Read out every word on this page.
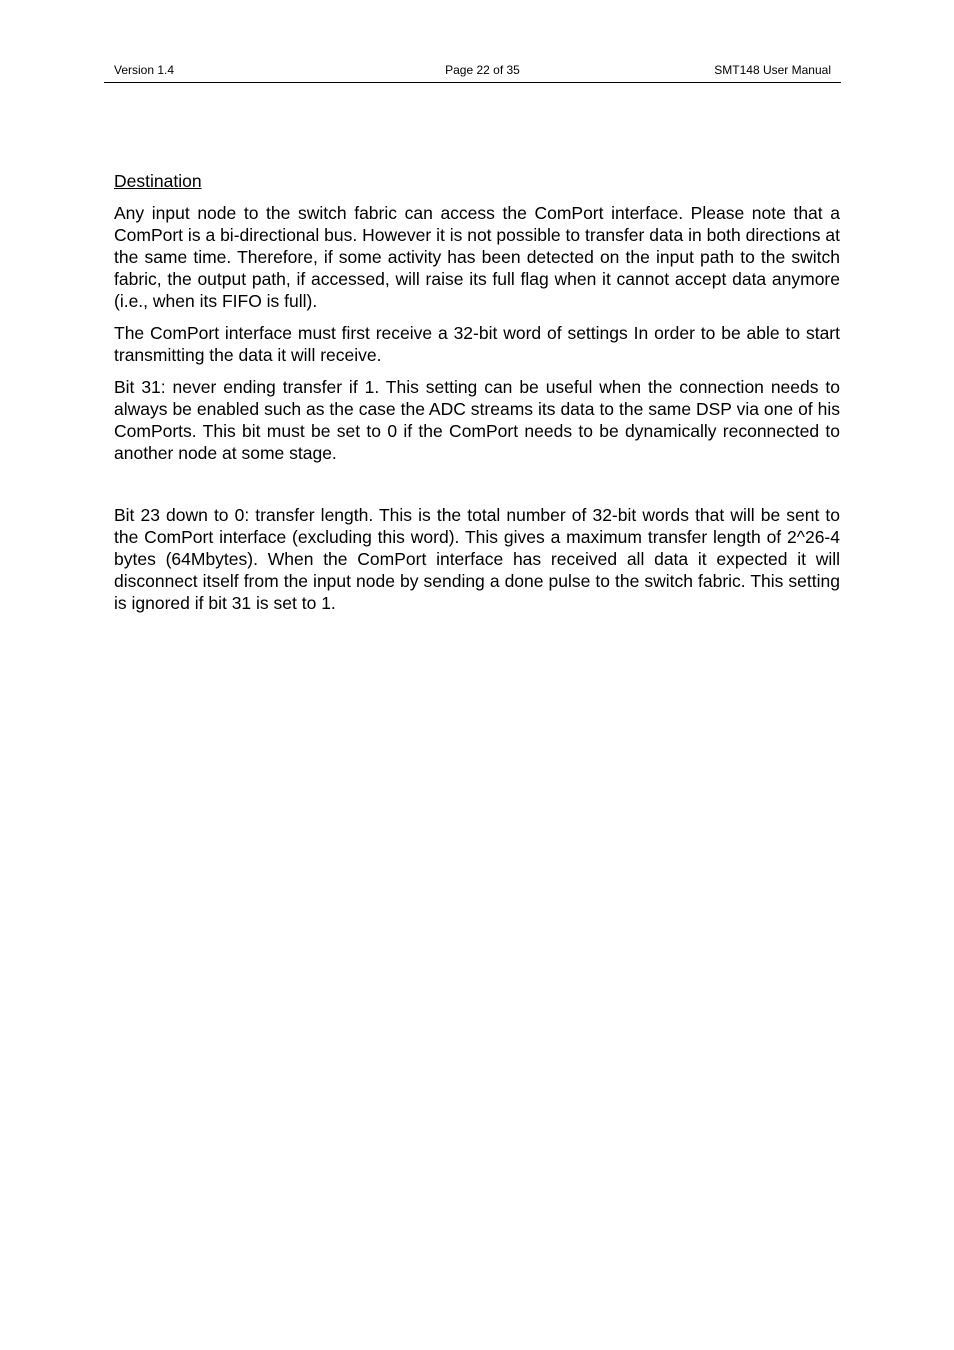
Version 1.4	Page 22 of 35	SMT148 User Manual
Destination

Any input node to the switch fabric can access the ComPort interface. Please note that a ComPort is a bi-directional bus. However it is not possible to transfer data in both directions at the same time. Therefore, if some activity has been detected on the input path to the switch fabric, the output path, if accessed, will raise its full flag when it cannot accept data anymore (i.e., when its FIFO is full).

The ComPort interface must first receive a 32-bit word of settings In order to be able to start transmitting the data it will receive.

Bit 31: never ending transfer if 1. This setting can be useful when the connection needs to always be enabled such as the case the ADC streams its data to the same DSP via one of his ComPorts. This bit must be set to 0 if the ComPort needs to be dynamically reconnected to another node at some stage.

Bit 23 down to 0: transfer length. This is the total number of 32-bit words that will be sent to the ComPort interface (excluding this word). This gives a maximum transfer length of 2^26-4 bytes (64Mbytes). When the ComPort interface has received all data it expected it will disconnect itself from the input node by sending a done pulse to the switch fabric. This setting is ignored if bit 31 is set to 1.
